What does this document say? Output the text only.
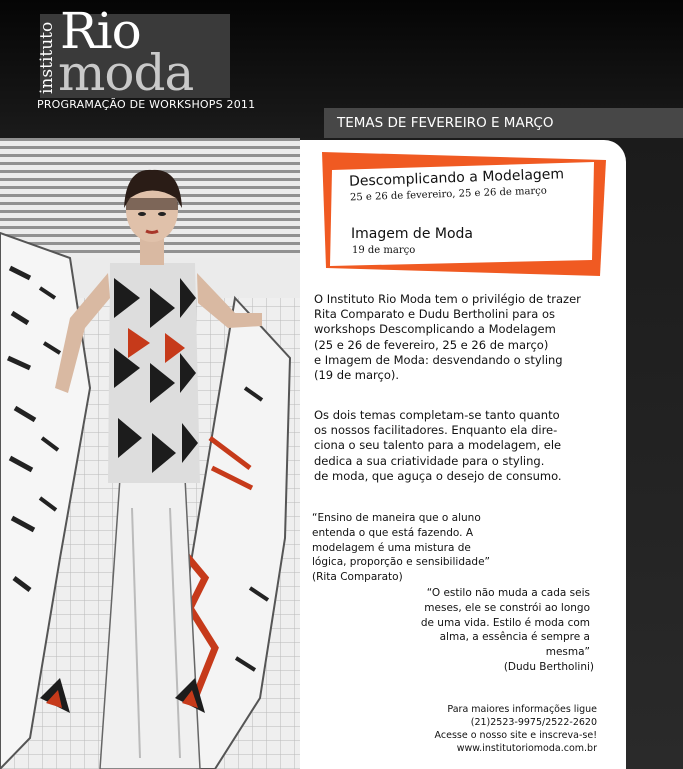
instituto Rio
moda
PROGRAMAÇÃO DE WORKSHOPS 2011
TEMAS DE FEVEREIRO E MARÇO
Descomplicando a Modelagem
25 e 26 de fevereiro, 25 e 26 de março
Imagem de Moda
19 de março
O Instituto Rio Moda tem o privilégio de trazer
Rita Comparato e Dudu Bertholini para os
workshops Descomplicando a Modelagem
(25 e 26 de fevereiro, 25 e 26 de março)
e Imagem de Moda: desvendando o styling
(19 de março).
Os dois temas completam-se tanto quanto
os nossos facilitadores. Enquanto ela dire-
ciona o seu talento para a modelagem, ele
dedica a sua criatividade para o styling.
de moda, que aguça o desejo de consumo.
“Ensino de maneira que o aluno
entenda o que está fazendo. A
modelagem é uma mistura de
lógica, proporção e sensibilidade”
(Rita Comparato)
“O estilo não muda a cada seis
meses, ele se constrói ao longo
de uma vida. Estilo é moda com
alma, a essência é sempre a
mesma”
(Dudu Bertholini)
Para maiores informações ligue
(21)2523-9975/2522-2620
Acesse o nosso site e inscreva-se!
www.institutoriomoda.com.br
